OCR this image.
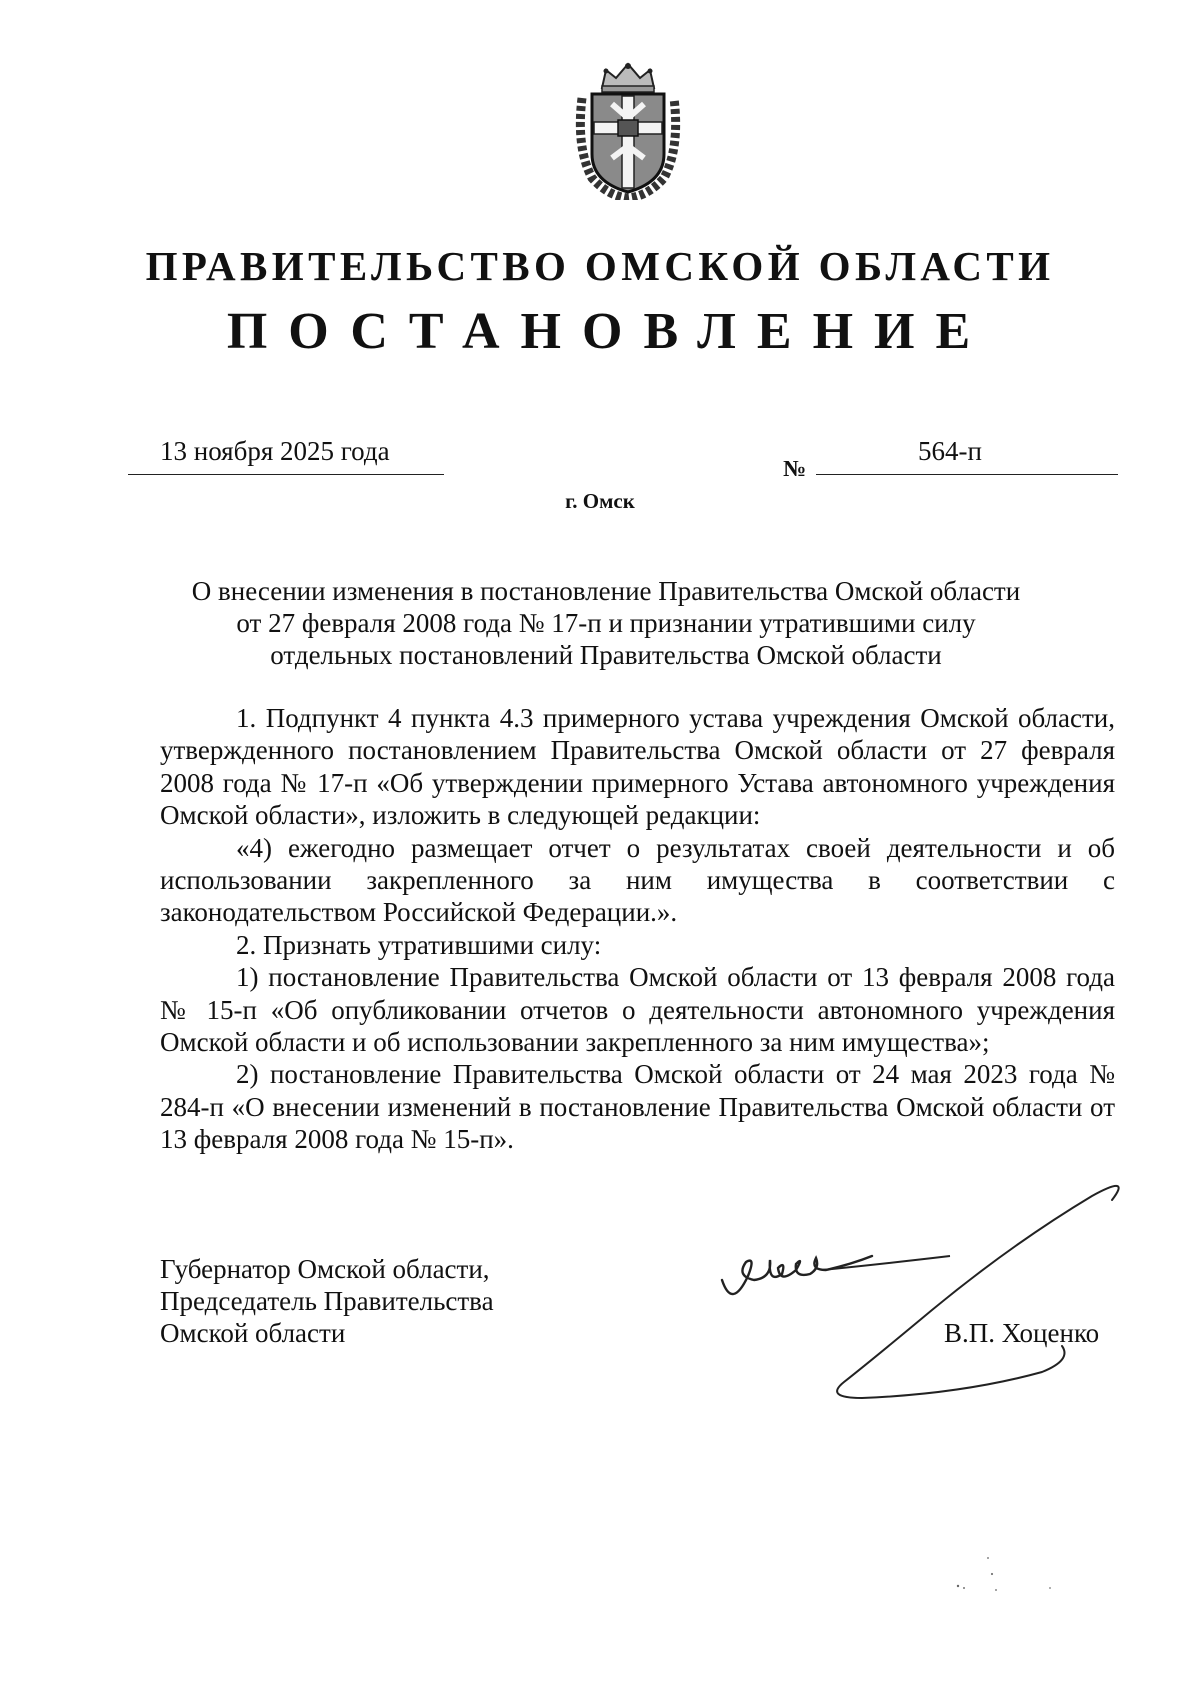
ПРАВИТЕЛЬСТВО ОМСКОЙ ОБЛАСТИ
ПОСТАНОВЛЕНИЕ
13 ноября 2025 года
№
564-п
г. Омск
О внесении изменения в постановление Правительства Омской области
от 27 февраля 2008 года № 17-п и признании утратившими силу
отдельных постановлений Правительства Омской области

1. Подпункт 4 пункта 4.3 примерного устава учреждения Омской области, утвержденного постановлением Правительства Омской области от 27 февраля 2008 года № 17-п «Об утверждении примерного Устава автономного учреждения Омской области», изложить в следующей редакции:

«4) ежегодно размещает отчет о результатах своей деятельности и об использовании закрепленного за ним имущества в соответствии с законодательством Российской Федерации.».

2. Признать утратившими силу:

1) постановление Правительства Омской области от 13 февраля 2008 года № 15-п «Об опубликовании отчетов о деятельности автономного учреждения Омской области и об использовании закрепленного за ним имущества»;

2) постановление Правительства Омской области от 24 мая 2023 года № 284-п «О внесении изменений в постановление Правительства Омской области от 13 февраля 2008 года № 15-п».

Губернатор Омской области,
Председатель Правительства
Омской области	В.П. Хоценко
